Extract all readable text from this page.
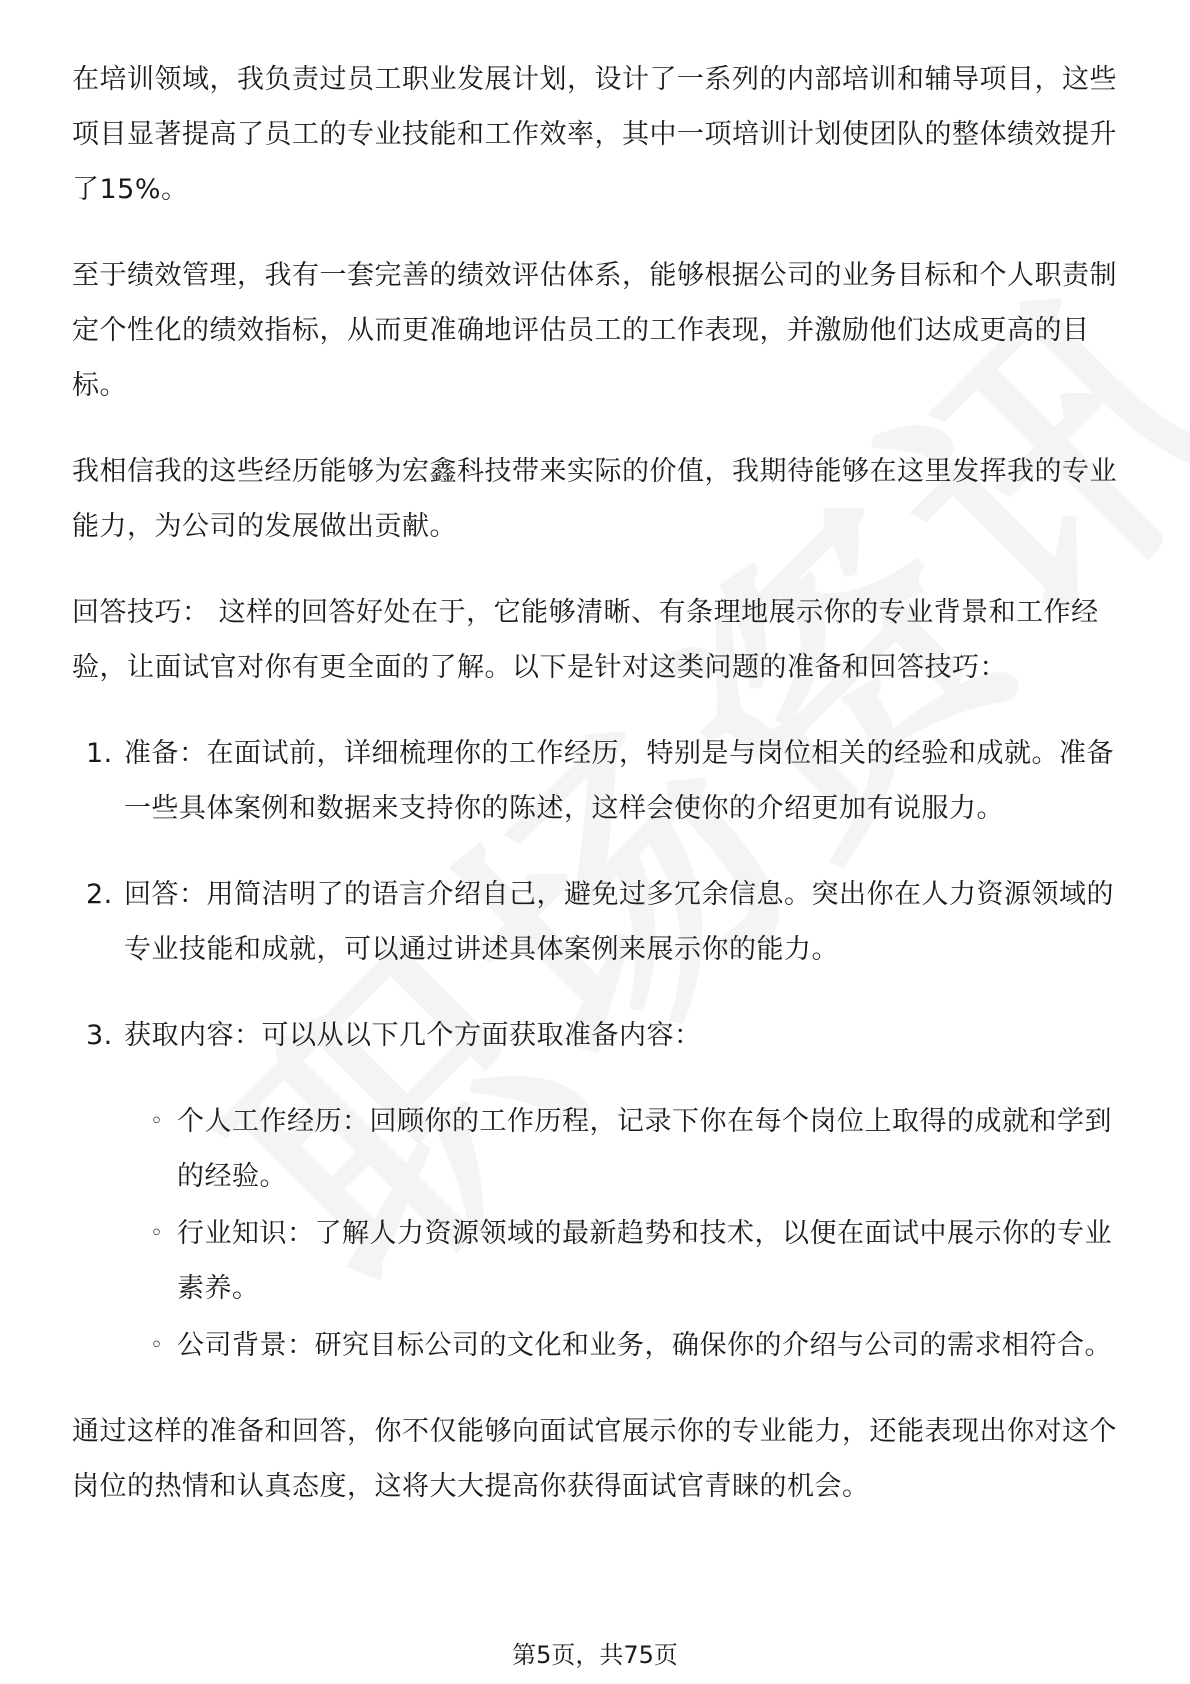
在培训领域，我负责过员工职业发展计划，设计了一系列的内部培训和辅导项目，这些项目显著提高了员工的专业技能和工作效率，其中一项培训计划使团队的整体绩效提升了15%。

至于绩效管理，我有一套完善的绩效评估体系，能够根据公司的业务目标和个人职责制定个性化的绩效指标，从而更准确地评估员工的工作表现，并激励他们达成更高的目标。

我相信我的这些经历能够为宏鑫科技带来实际的价值，我期待能够在这里发挥我的专业能力，为公司的发展做出贡献。

回答技巧： 这样的回答好处在于，它能够清晰、有条理地展示你的专业背景和工作经验，让面试官对你有更全面的了解。以下是针对这类问题的准备和回答技巧：

1. 准备：在面试前，详细梳理你的工作经历，特别是与岗位相关的经验和成就。准备一些具体案例和数据来支持你的陈述，这样会使你的介绍更加有说服力。
2. 回答：用简洁明了的语言介绍自己，避免过多冗余信息。突出你在人力资源领域的专业技能和成就，可以通过讲述具体案例来展示你的能力。
3. 获取内容：可以从以下几个方面获取准备内容：
◦ 个人工作经历：回顾你的工作历程，记录下你在每个岗位上取得的成就和学到的经验。
◦ 行业知识：了解人力资源领域的最新趋势和技术，以便在面试中展示你的专业素养。
◦ 公司背景：研究目标公司的文化和业务，确保你的介绍与公司的需求相符合。

通过这样的准备和回答，你不仅能够向面试官展示你的专业能力，还能表现出你对这个岗位的热情和认真态度，这将大大提高你获得面试官青睐的机会。

第5页，共75页
